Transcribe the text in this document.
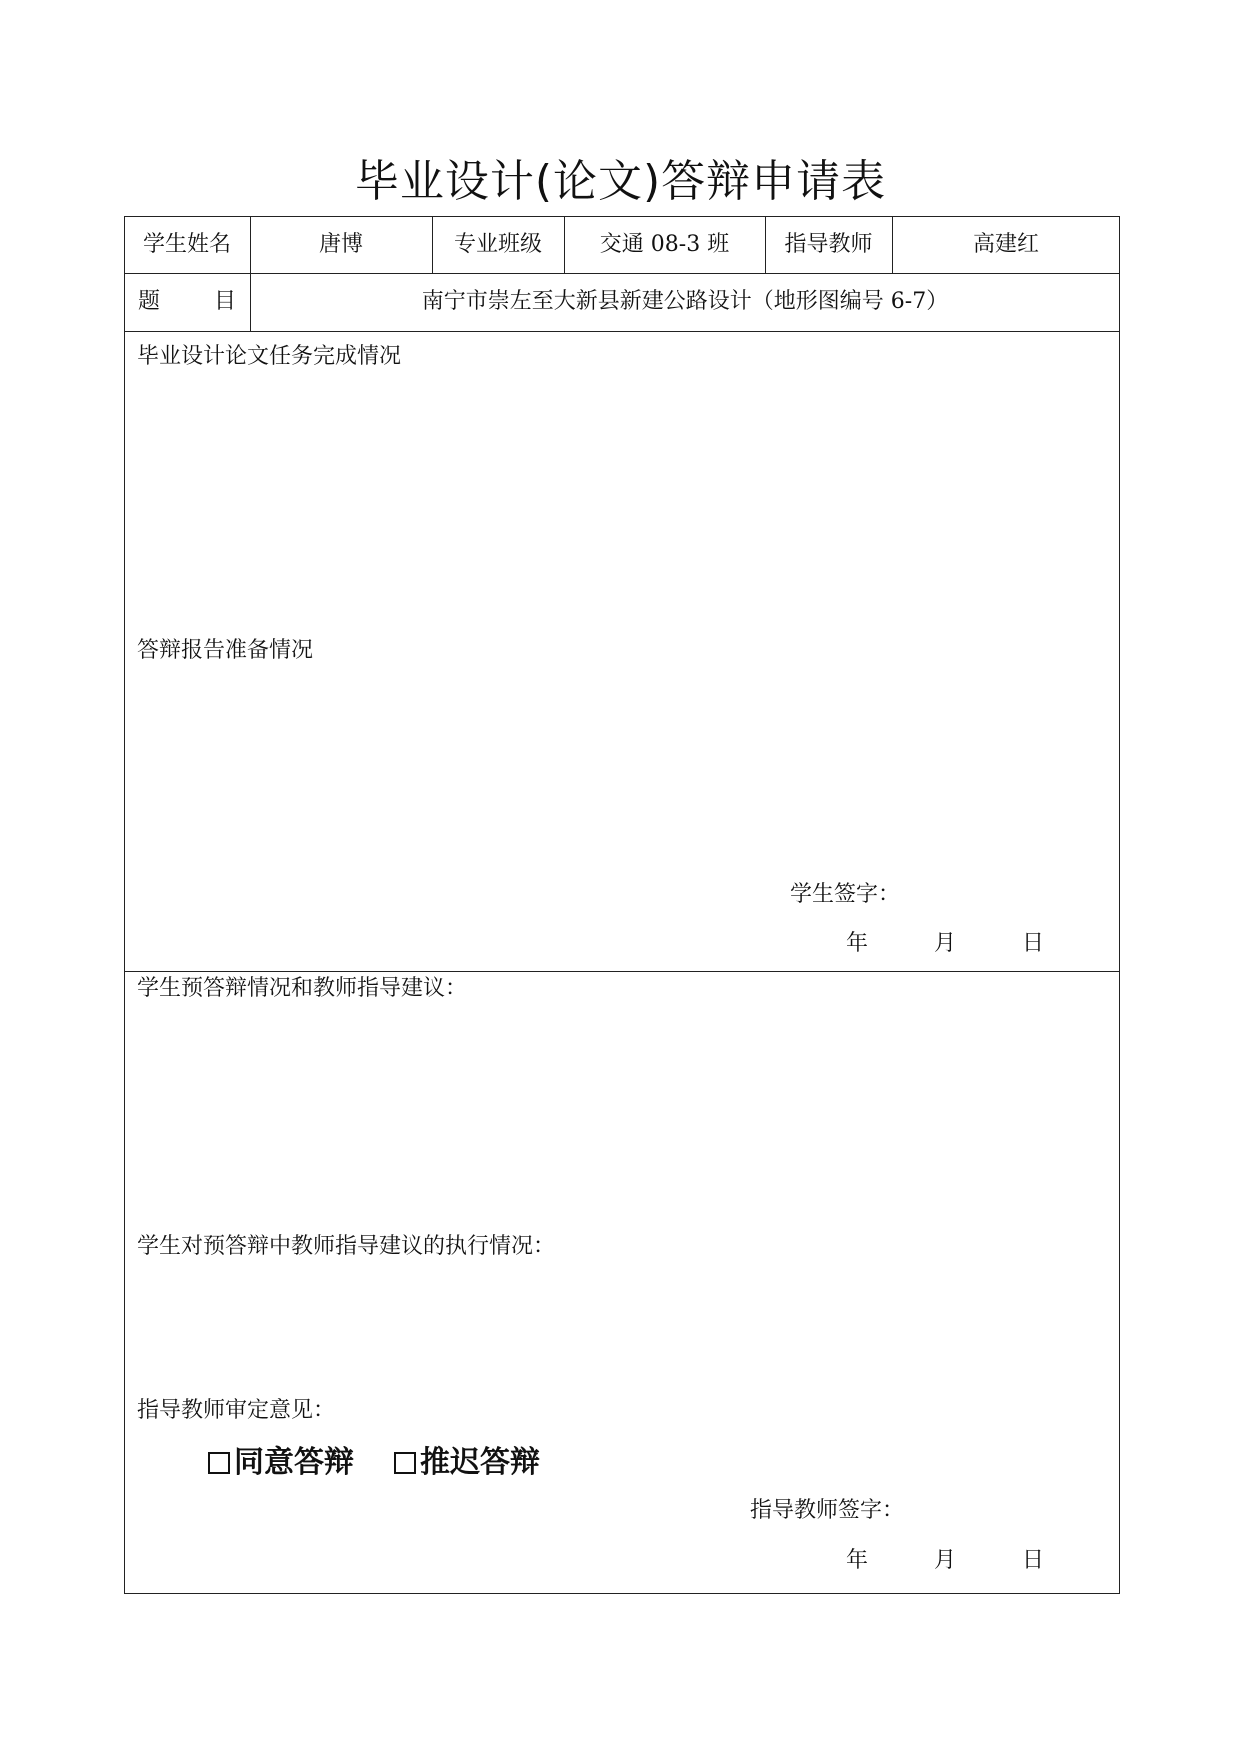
毕业设计(论文)答辩申请表
学生姓名	唐博	专业班级	交通 08-3 班	指导教师	高建红
题 目	南宁市崇左至大新县新建公路设计（地形图编号 6-7）
毕业设计论文任务完成情况
答辩报告准备情况
学生签字：
年	月	日
学生预答辩情况和教师指导建议：
学生对预答辩中教师指导建议的执行情况：
指导教师审定意见：
同意答辩 推迟答辩
指导教师签字：
年	月	日
